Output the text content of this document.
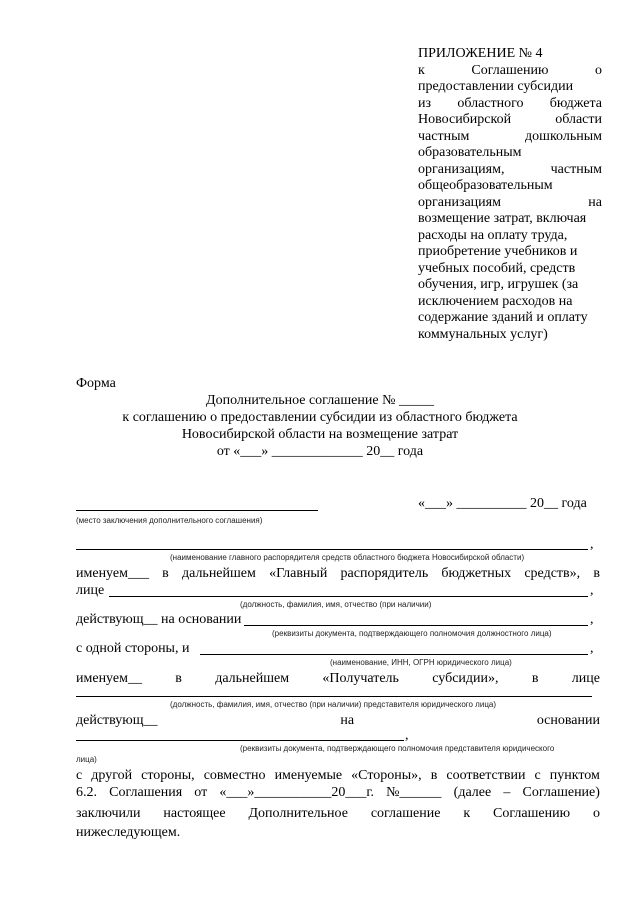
ПРИЛОЖЕНИЕ № 4
к	Соглашению	о
предоставлении субсидии
из областного бюджета
Новосибирской	области
частным	дошкольным
образовательным
организациям,	частным
общеобразовательным
организациям	на
возмещение затрат, включая
расходы на оплату труда,
приобретение учебников и
учебных пособий, средств
обучения, игр, игрушек (за
исключением расходов на
содержание зданий и оплату
коммунальных услуг)
Форма
Дополнительное соглашение № _____
к соглашению о предоставлении субсидии из областного бюджета
Новосибирской области на возмещение затрат
от «___» _____________ 20__ года
«___» __________ 20__ года
(место заключения дополнительного соглашения)
,
(наименование главного распорядителя средств областного бюджета Новосибирской области)
именуем___ в дальнейшем «Главный распорядитель бюджетных средств», в
лице	,
(должность, фамилия, имя, отчество (при наличии)
действующ__ на основании	,
(реквизиты документа, подтверждающего полномочия должностного лица)
с одной стороны, и	,
(наименование, ИНН, ОГРН юридического лица)
именуем__ в дальнейшем «Получатель субсидии», в лице
(должность, фамилия, имя, отчество (при наличии) представителя юридического лица)
действующ__	на	основании
,
(реквизиты документа, подтверждающего полномочия представителя юридического
лица)
с другой стороны, совместно именуемые «Стороны», в соответствии с пунктом
6.2. Соглашения от «___»___________20___г. №______ (далее – Соглашение)
заключили настоящее Дополнительное соглашение к Соглашению о
нижеследующем.
